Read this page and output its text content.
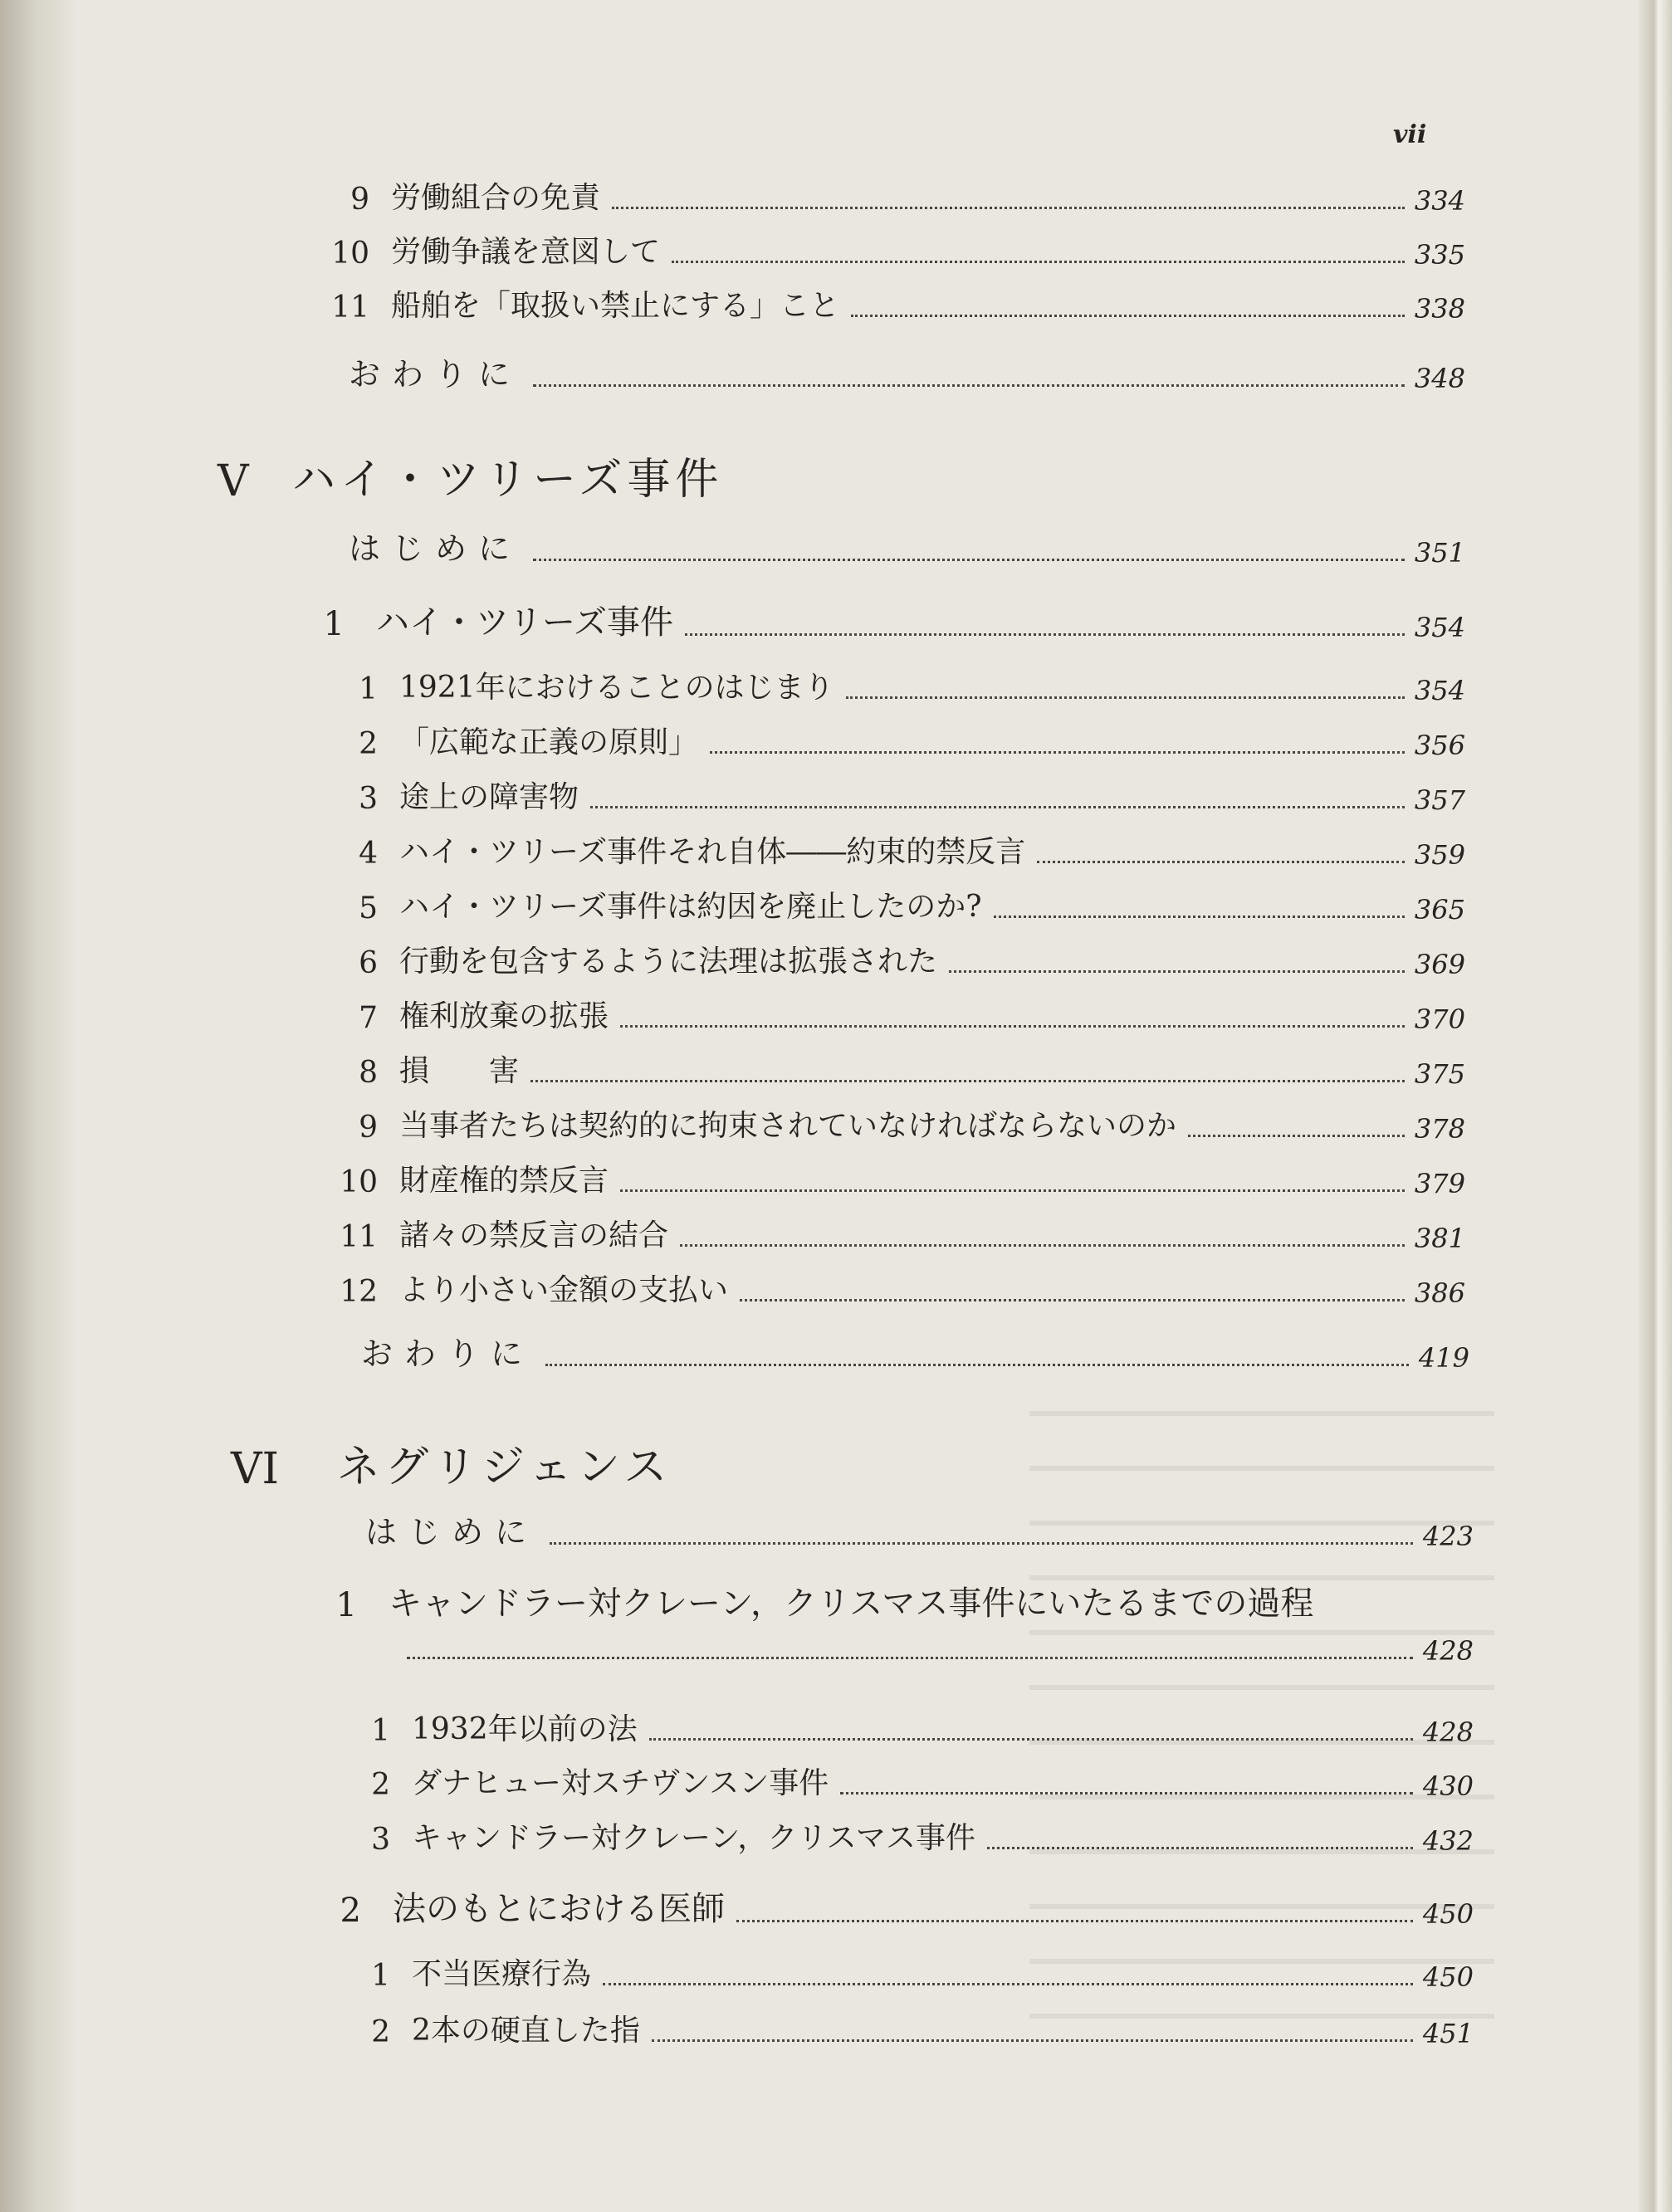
vii
9 労働組合の免責	334
10 労働争議を意図して	335
11 船舶を「取扱い禁止にする」こと	338
おわりに	348
V	ハイ・ツリーズ事件
はじめに	351
1 ハイ・ツリーズ事件	354
1 1921年におけることのはじまり	354
2 「広範な正義の原則」	356
3 途上の障害物	357
4 ハイ・ツリーズ事件それ自体――約束的禁反言	359
5 ハイ・ツリーズ事件は約因を廃止したのか?	365
6 行動を包含するように法理は拡張された	369
7 権利放棄の拡張	370
8 損　　害	375
9 当事者たちは契約的に拘束されていなければならないのか	378
10 財産権的禁反言	379
11 諸々の禁反言の結合	381
12 より小さい金額の支払い	386
おわりに	419
VI	ネグリジェンス
はじめに	423
1 キャンドラー対クレーン，クリスマス事件にいたるまでの過程
428
1 1932年以前の法	428
2 ダナヒュー対スチヴンスン事件	430
3 キャンドラー対クレーン，クリスマス事件	432
2 法のもとにおける医師	450
1 不当医療行為	450
2 2本の硬直した指	451
